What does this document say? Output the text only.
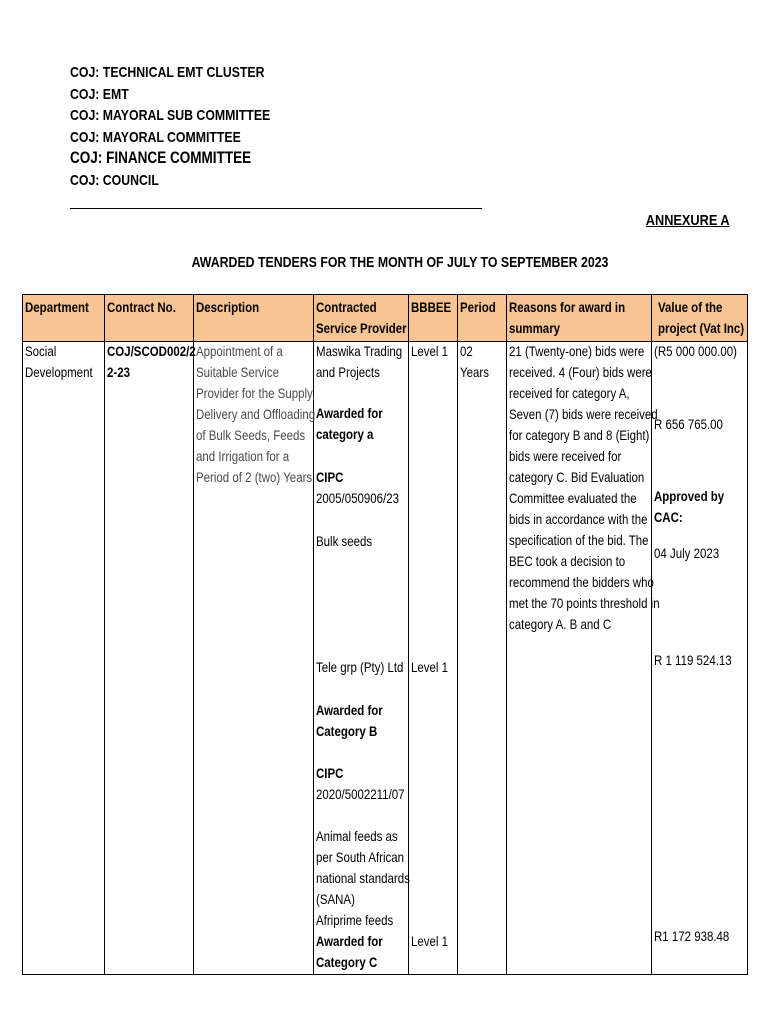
COJ: TECHNICAL EMT CLUSTER
COJ: EMT
COJ: MAYORAL SUB COMMITTEE
COJ: MAYORAL COMMITTEE
COJ: FINANCE COMMITTEE
COJ: COUNCIL
ANNEXURE A
AWARDED TENDERS FOR THE MONTH OF JULY TO SEPTEMBER 2023
Department Contract No. Description	Contracted
Service Provider
BBBEE Period Reasons for award in
summary
Value of the
project (Vat Inc)
Social
Development
COJ/SCOD002/2
2-23
Appointment of a
Suitable Service
Provider for the Supply,
Delivery and Offloading
of Bulk Seeds, Feeds
and Irrigation for a
Period of 2 (two) Years
Maswika Trading
and Projects
Awarded for
category a
CIPC
2005/050906/23
Bulk seeds
Tele grp (Pty) Ltd
Awarded for
Category B
CIPC
2020/5002211/07
Animal feeds as
per South African
national standards
(SANA)
Afriprime feeds
Awarded for
Category C
Level 1
Level 1
Level 1
02
Years
21 (Twenty-one) bids were
received. 4 (Four) bids were
received for category A,
Seven (7) bids were received
for category B and 8 (Eight)
bids were received for
category C. Bid Evaluation
Committee evaluated the
bids in accordance with the
specification of the bid. The
BEC took a decision to
recommend the bidders who
met the 70 points threshold in
category A. B and C
(R5 000 000.00)
R 656 765.00
Approved by
CAC:
04 July 2023
R 1 119 524.13
R1 172 938.48
